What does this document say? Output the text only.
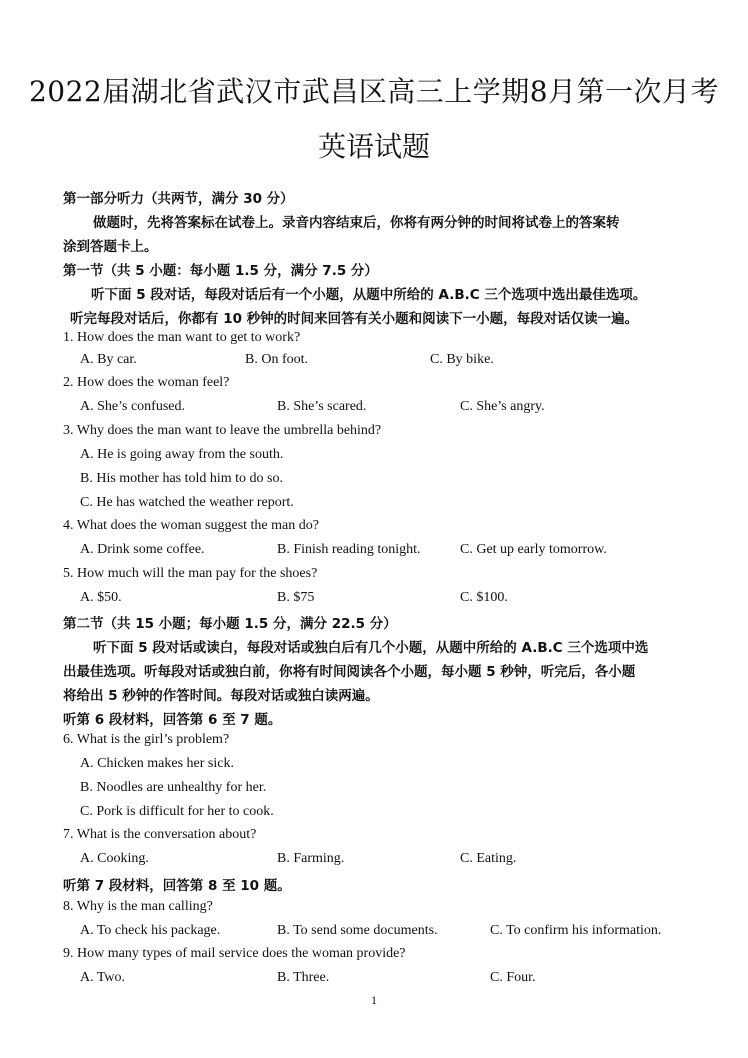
2022届湖北省武汉市武昌区高三上学期8月第一次月考
英语试题
第一部分听力（共两节，满分 30 分）
做题时，先将答案标在试卷上。录音内容结束后，你将有两分钟的时间将试卷上的答案转
涂到答题卡上。
第一节（共 5 小题：每小题 1.5 分，满分 7.5 分）
听下面 5 段对话，每段对话后有一个小题，从题中所给的 A.B.C 三个选项中选出最佳选项。
听完每段对话后，你都有 10 秒钟的时间来回答有关小题和阅读下一小题，每段对话仅读一遍。
1. How does the man want to get to work?
A. By car.	B. On foot.	C. By bike.
2. How does the woman feel?
A. She’s confused.	B. She’s scared.	C. She’s angry.
3. Why does the man want to leave the umbrella behind?
A. He is going away from the south.
B. His mother has told him to do so.
C. He has watched the weather report.
4. What does the woman suggest the man do?
A. Drink some coffee.	B. Finish reading tonight.	C. Get up early tomorrow.
5. How much will the man pay for the shoes?
A. $50.	B. $75	C. $100.
第二节（共 15 小题；每小题 1.5 分，满分 22.5 分）
听下面 5 段对话或读白，每段对话或独白后有几个小题，从题中所给的 A.B.C 三个选项中选
出最佳选项。听每段对话或独白前，你将有时间阅读各个小题，每小题 5 秒钟，听完后，各小题
将给出 5 秒钟的作答时间。每段对话或独白读两遍。
听第 6 段材料，回答第 6 至 7 题。
6. What is the girl’s problem?
A. Chicken makes her sick.
B. Noodles are unhealthy for her.
C. Pork is difficult for her to cook.
7. What is the conversation about?
A. Cooking.	B. Farming.	C. Eating.
听第 7 段材料，回答第 8 至 10 题。
8. Why is the man calling?
A. To check his package.	B. To send some documents.	C. To confirm his information.
9. How many types of mail service does the woman provide?
A. Two.	B. Three.	C. Four.
1
